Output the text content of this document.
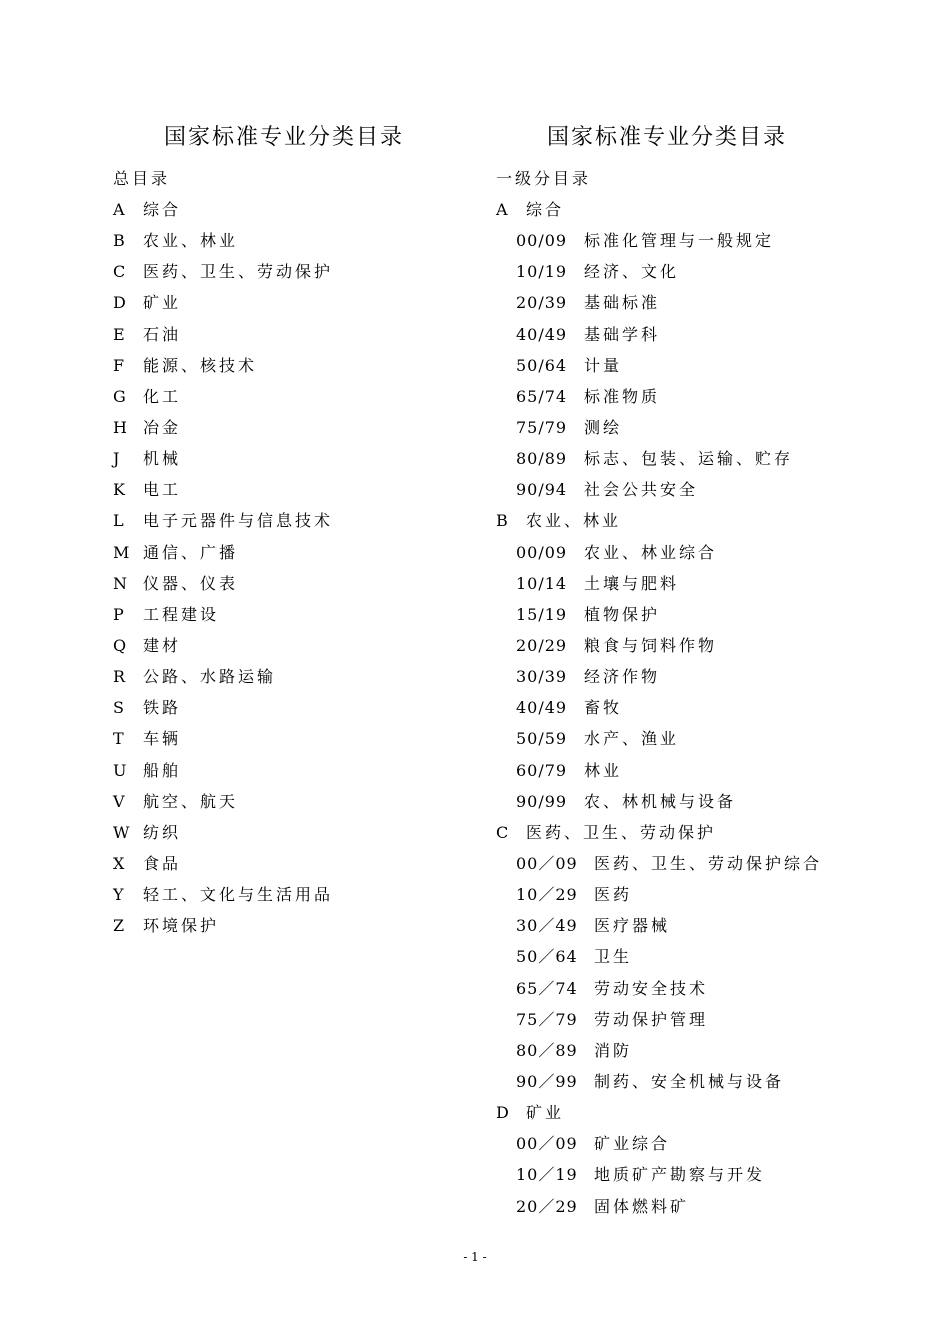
国家标准专业分类目录
总目录
A	综合
B	农业、林业
C	医药、卫生、劳动保护
D	矿业
E	石油
F	能源、核技术
G	化工
H	冶金
J	机械
K	电工
L	电子元器件与信息技术
M 通信、广播
N	仪器、仪表
P	工程建设
Q	建材
R	公路、水路运输
S	铁路
T	车辆
U	船舶
V	航空、航天
W 纺织
X	食品
Y	轻工、文化与生活用品
Z	环境保护
国家标准专业分类目录
一级分目录
A	综合
00/09	标准化管理与一般规定
10/19	经济、文化
20/39	基础标准
40/49	基础学科
50/64	计量
65/74	标准物质
75/79	测绘
80/89	标志、包装、运输、贮存
90/94	社会公共安全
B	农业、林业
00/09	农业、林业综合
10/14	土壤与肥料
15/19	植物保护
20/29	粮食与饲料作物
30/39	经济作物
40/49	畜牧
50/59	水产、渔业
60/79	林业
90/99	农、林机械与设备
C	医药、卫生、劳动保护
00／09	医药、卫生、劳动保护综合
10／29	医药
30／49	医疗器械
50／64	卫生
65／74	劳动安全技术
75／79	劳动保护管理
80／89	消防
90／99	制药、安全机械与设备
D	矿业
00／09	矿业综合
10／19	地质矿产勘察与开发
20／29	固体燃料矿
- 1 -
